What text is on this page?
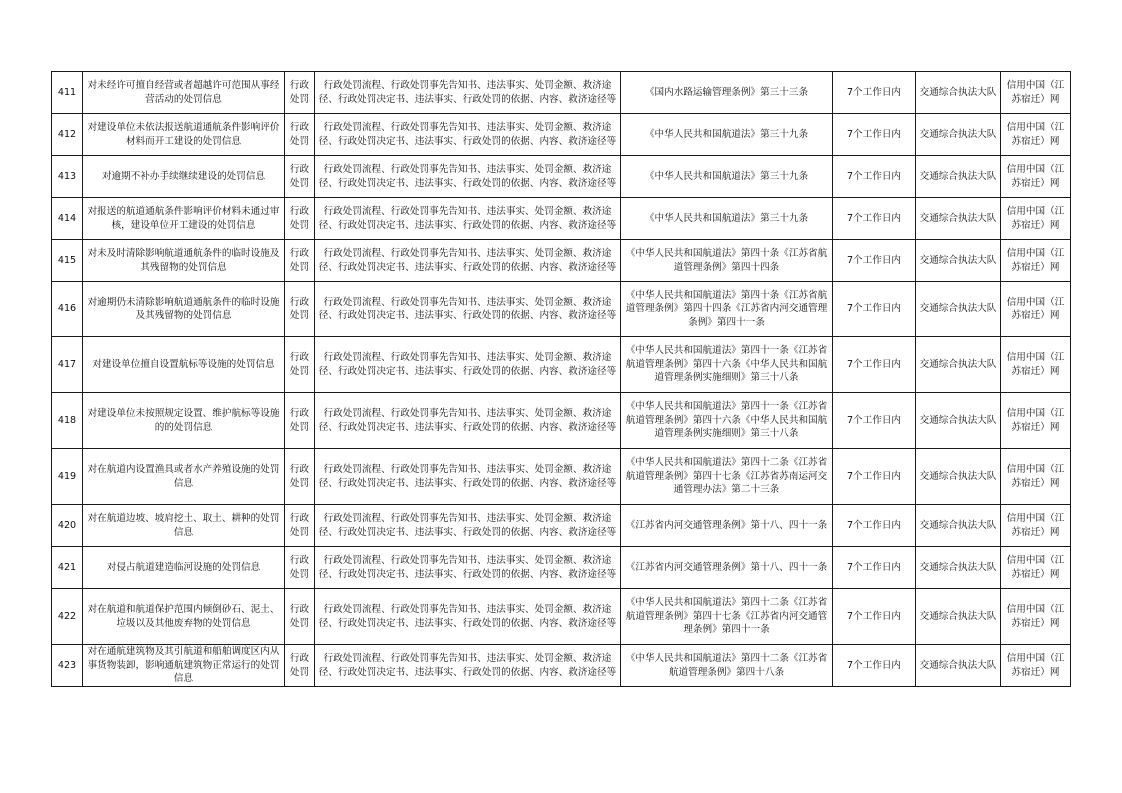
411	对未经许可擅自经营或者超越许可范围从事经营活动的处罚信息	行政处罚	行政处罚流程、行政处罚事先告知书、违法事实、处罚金额、救济途径、行政处罚决定书、违法事实、行政处罚的依据、内容、救济途径等	《国内水路运输管理条例》第三十三条	7个工作日内	交通综合执法大队	信用中国（江苏宿迁）网
412	对建设单位未依法报送航道通航条件影响评价材料而开工建设的处罚信息	行政处罚	行政处罚流程、行政处罚事先告知书、违法事实、处罚金额、救济途径、行政处罚决定书、违法事实、行政处罚的依据、内容、救济途径等	《中华人民共和国航道法》第三十九条	7个工作日内	交通综合执法大队	信用中国（江苏宿迁）网
413	对逾期不补办手续继续建设的处罚信息	行政处罚	行政处罚流程、行政处罚事先告知书、违法事实、处罚金额、救济途径、行政处罚决定书、违法事实、行政处罚的依据、内容、救济途径等	《中华人民共和国航道法》第三十九条	7个工作日内	交通综合执法大队	信用中国（江苏宿迁）网
414	对报送的航道通航条件影响评价材料未通过审核，建设单位开工建设的处罚信息	行政处罚	行政处罚流程、行政处罚事先告知书、违法事实、处罚金额、救济途径、行政处罚决定书、违法事实、行政处罚的依据、内容、救济途径等	《中华人民共和国航道法》第三十九条	7个工作日内	交通综合执法大队	信用中国（江苏宿迁）网
415	对未及时清除影响航道通航条件的临时设施及其残留物的处罚信息	行政处罚	行政处罚流程、行政处罚事先告知书、违法事实、处罚金额、救济途径、行政处罚决定书、违法事实、行政处罚的依据、内容、救济途径等	《中华人民共和国航道法》第四十条《江苏省航道管理条例》第四十四条	7个工作日内	交通综合执法大队	信用中国（江苏宿迁）网
416	对逾期仍未清除影响航道通航条件的临时设施及其残留物的处罚信息	行政处罚	行政处罚流程、行政处罚事先告知书、违法事实、处罚金额、救济途径、行政处罚决定书、违法事实、行政处罚的依据、内容、救济途径等	《中华人民共和国航道法》第四十条《江苏省航道管理条例》第四十四条《江苏省内河交通管理条例》第四十一条	7个工作日内	交通综合执法大队	信用中国（江苏宿迁）网
417	对建设单位擅自设置航标等设施的处罚信息	行政处罚	行政处罚流程、行政处罚事先告知书、违法事实、处罚金额、救济途径、行政处罚决定书、违法事实、行政处罚的依据、内容、救济途径等	《中华人民共和国航道法》第四十一条《江苏省航道管理条例》第四十六条《中华人民共和国航道管理条例实施细则》第三十八条	7个工作日内	交通综合执法大队	信用中国（江苏宿迁）网
418	对建设单位未按照规定设置、维护航标等设施的的处罚信息	行政处罚	行政处罚流程、行政处罚事先告知书、违法事实、处罚金额、救济途径、行政处罚决定书、违法事实、行政处罚的依据、内容、救济途径等	《中华人民共和国航道法》第四十一条《江苏省航道管理条例》第四十六条《中华人民共和国航道管理条例实施细则》第三十八条	7个工作日内	交通综合执法大队	信用中国（江苏宿迁）网
419	对在航道内设置渔具或者水产养殖设施的处罚信息	行政处罚	行政处罚流程、行政处罚事先告知书、违法事实、处罚金额、救济途径、行政处罚决定书、违法事实、行政处罚的依据、内容、救济途径等	《中华人民共和国航道法》第四十二条《江苏省航道管理条例》第四十七条《江苏省苏南运河交通管理办法》第二十三条	7个工作日内	交通综合执法大队	信用中国（江苏宿迁）网
420	对在航道边坡、坡肩挖土、取土、耕种的处罚信息	行政处罚	行政处罚流程、行政处罚事先告知书、违法事实、处罚金额、救济途径、行政处罚决定书、违法事实、行政处罚的依据、内容、救济途径等	《江苏省内河交通管理条例》第十八、四十一条	7个工作日内	交通综合执法大队	信用中国（江苏宿迁）网
421	对侵占航道建造临河设施的处罚信息	行政处罚	行政处罚流程、行政处罚事先告知书、违法事实、处罚金额、救济途径、行政处罚决定书、违法事实、行政处罚的依据、内容、救济途径等	《江苏省内河交通管理条例》第十八、四十一条	7个工作日内	交通综合执法大队	信用中国（江苏宿迁）网
422	对在航道和航道保护范围内倾倒砂石、泥土、垃圾以及其他废弃物的处罚信息	行政处罚	行政处罚流程、行政处罚事先告知书、违法事实、处罚金额、救济途径、行政处罚决定书、违法事实、行政处罚的依据、内容、救济途径等	《中华人民共和国航道法》第四十二条《江苏省航道管理条例》第四十七条《江苏省内河交通管理条例》第四十一条	7个工作日内	交通综合执法大队	信用中国（江苏宿迁）网
423	对在通航建筑物及其引航道和船舶调度区内从事货物装卸，影响通航建筑物正常运行的处罚信息	行政处罚	行政处罚流程、行政处罚事先告知书、违法事实、处罚金额、救济途径、行政处罚决定书、违法事实、行政处罚的依据、内容、救济途径等	《中华人民共和国航道法》第四十二条《江苏省航道管理条例》第四十八条	7个工作日内	交通综合执法大队	信用中国（江苏宿迁）网
